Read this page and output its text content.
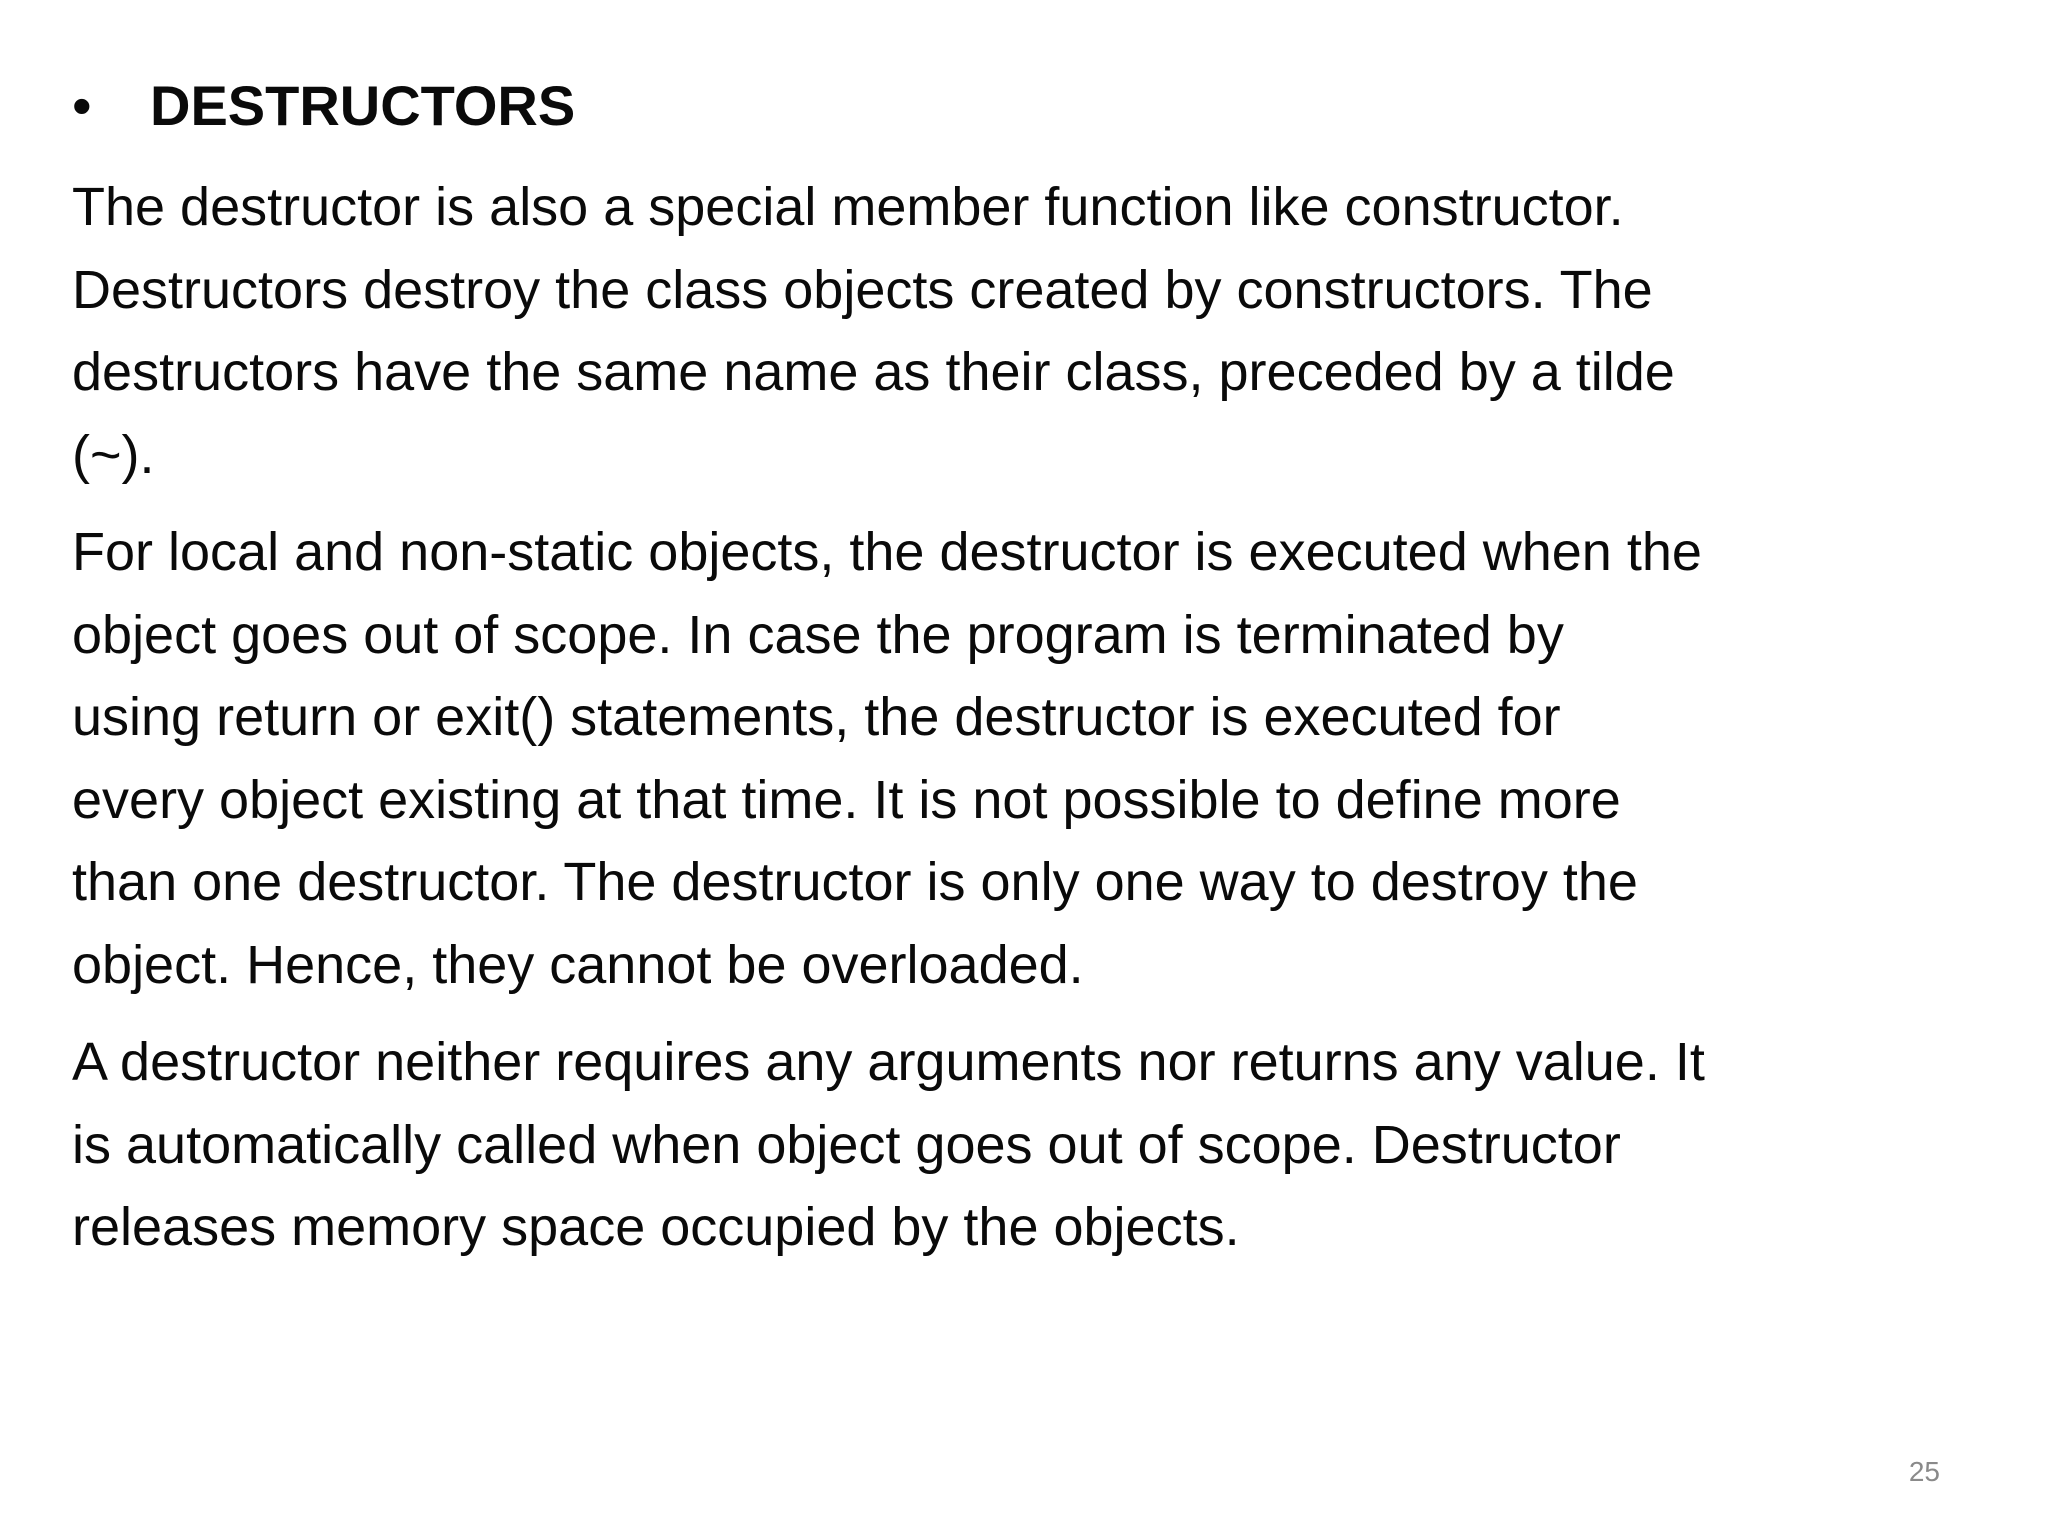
•	DESTRUCTORS

The destructor is also a special member function like constructor.
Destructors destroy the class objects created by constructors. The
destructors have the same name as their class, preceded by a tilde
(~).

For local and non-static objects, the destructor is executed when the
object goes out of scope. In case the program is terminated by
using return or exit() statements, the destructor is executed for
every object existing at that time. It is not possible to define more
than one destructor. The destructor is only one way to destroy the
object. Hence, they cannot be overloaded.

A destructor neither requires any arguments nor returns any value. It
is automatically called when object goes out of scope. Destructor
releases memory space occupied by the objects.

25
